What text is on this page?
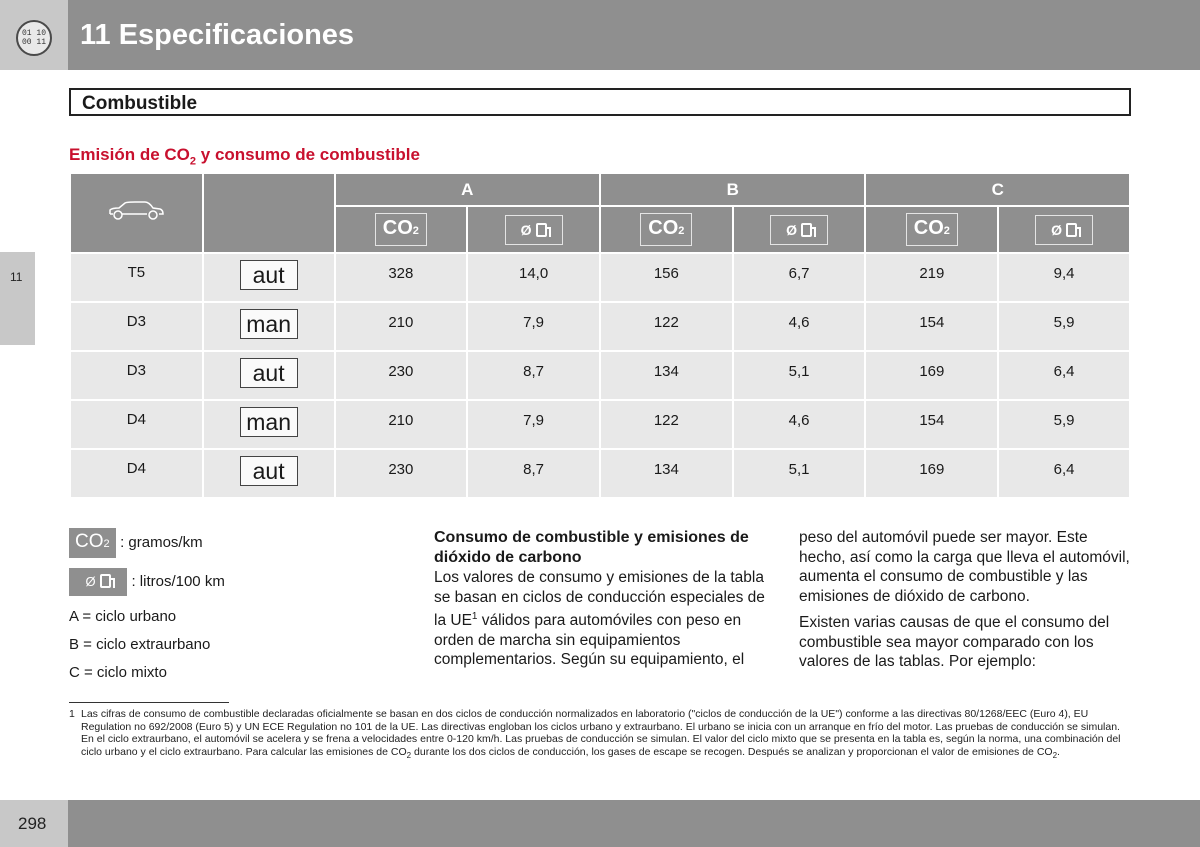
01 10
00 11 11 Especificaciones
11
Combustible
Emisión de $CO_2$ y consumo de combustible
		A		B		C	
		CO2	Ø	CO2	Ø	CO2	Ø
T5	aut	328	14,0	156	6,7	219	9,4
D3	man	210	7,9	122	4,6	154	5,9
D3	aut	230	8,7	134	5,1	169	6,4
D4	man	210	7,9	122	4,6	154	5,9
D4	aut	230	8,7	134	5,1	169	6,4
CO2 : gramos/km
Ø : litros/100 km
A = ciclo urbano
B = ciclo extraurbano
C = ciclo mixto
Consumo de combustible y emisiones de dióxido de carbono

Los valores de consumo y emisiones de la tabla se basan en ciclos de conducción especiales de la $UE^1$ válidos para automóviles con peso en orden de marcha sin equipamientos complementarios. Según su equipamiento, el

peso del automóvil puede ser mayor. Este hecho, así como la carga que lleva el automóvil, aumenta el consumo de combustible y las emisiones de dióxido de carbono.

Existen varias causas de que el consumo del combustible sea mayor comparado con los valores de las tablas. Por ejemplo:

1 Las cifras de consumo de combustible declaradas oficialmente se basan en dos ciclos de conducción normalizados en laboratorio ("ciclos de conducción de la UE") conforme a las directivas 80/1268/EEC (Euro 4), EU Regulation no 692/2008 (Euro 5) y UN ECE Regulation no 101 de la UE. Las directivas engloban los ciclos urbano y extraurbano. El urbano se inicia con un arranque en frío del motor. Las pruebas de conducción se simulan. En el ciclo extraurbano, el automóvil se acelera y se frena a velocidades entre 0-120 km/h. Las pruebas de conducción se simulan. El valor del ciclo mixto que se presenta en la tabla es, según la norma, una combinación del ciclo urbano y el ciclo extraurbano. Para calcular las emisiones de $CO_2$ durante los dos ciclos de conducción, los gases de escape se recogen. Después se analizan y proporcionan el valor de emisiones de $CO_2$.
298
